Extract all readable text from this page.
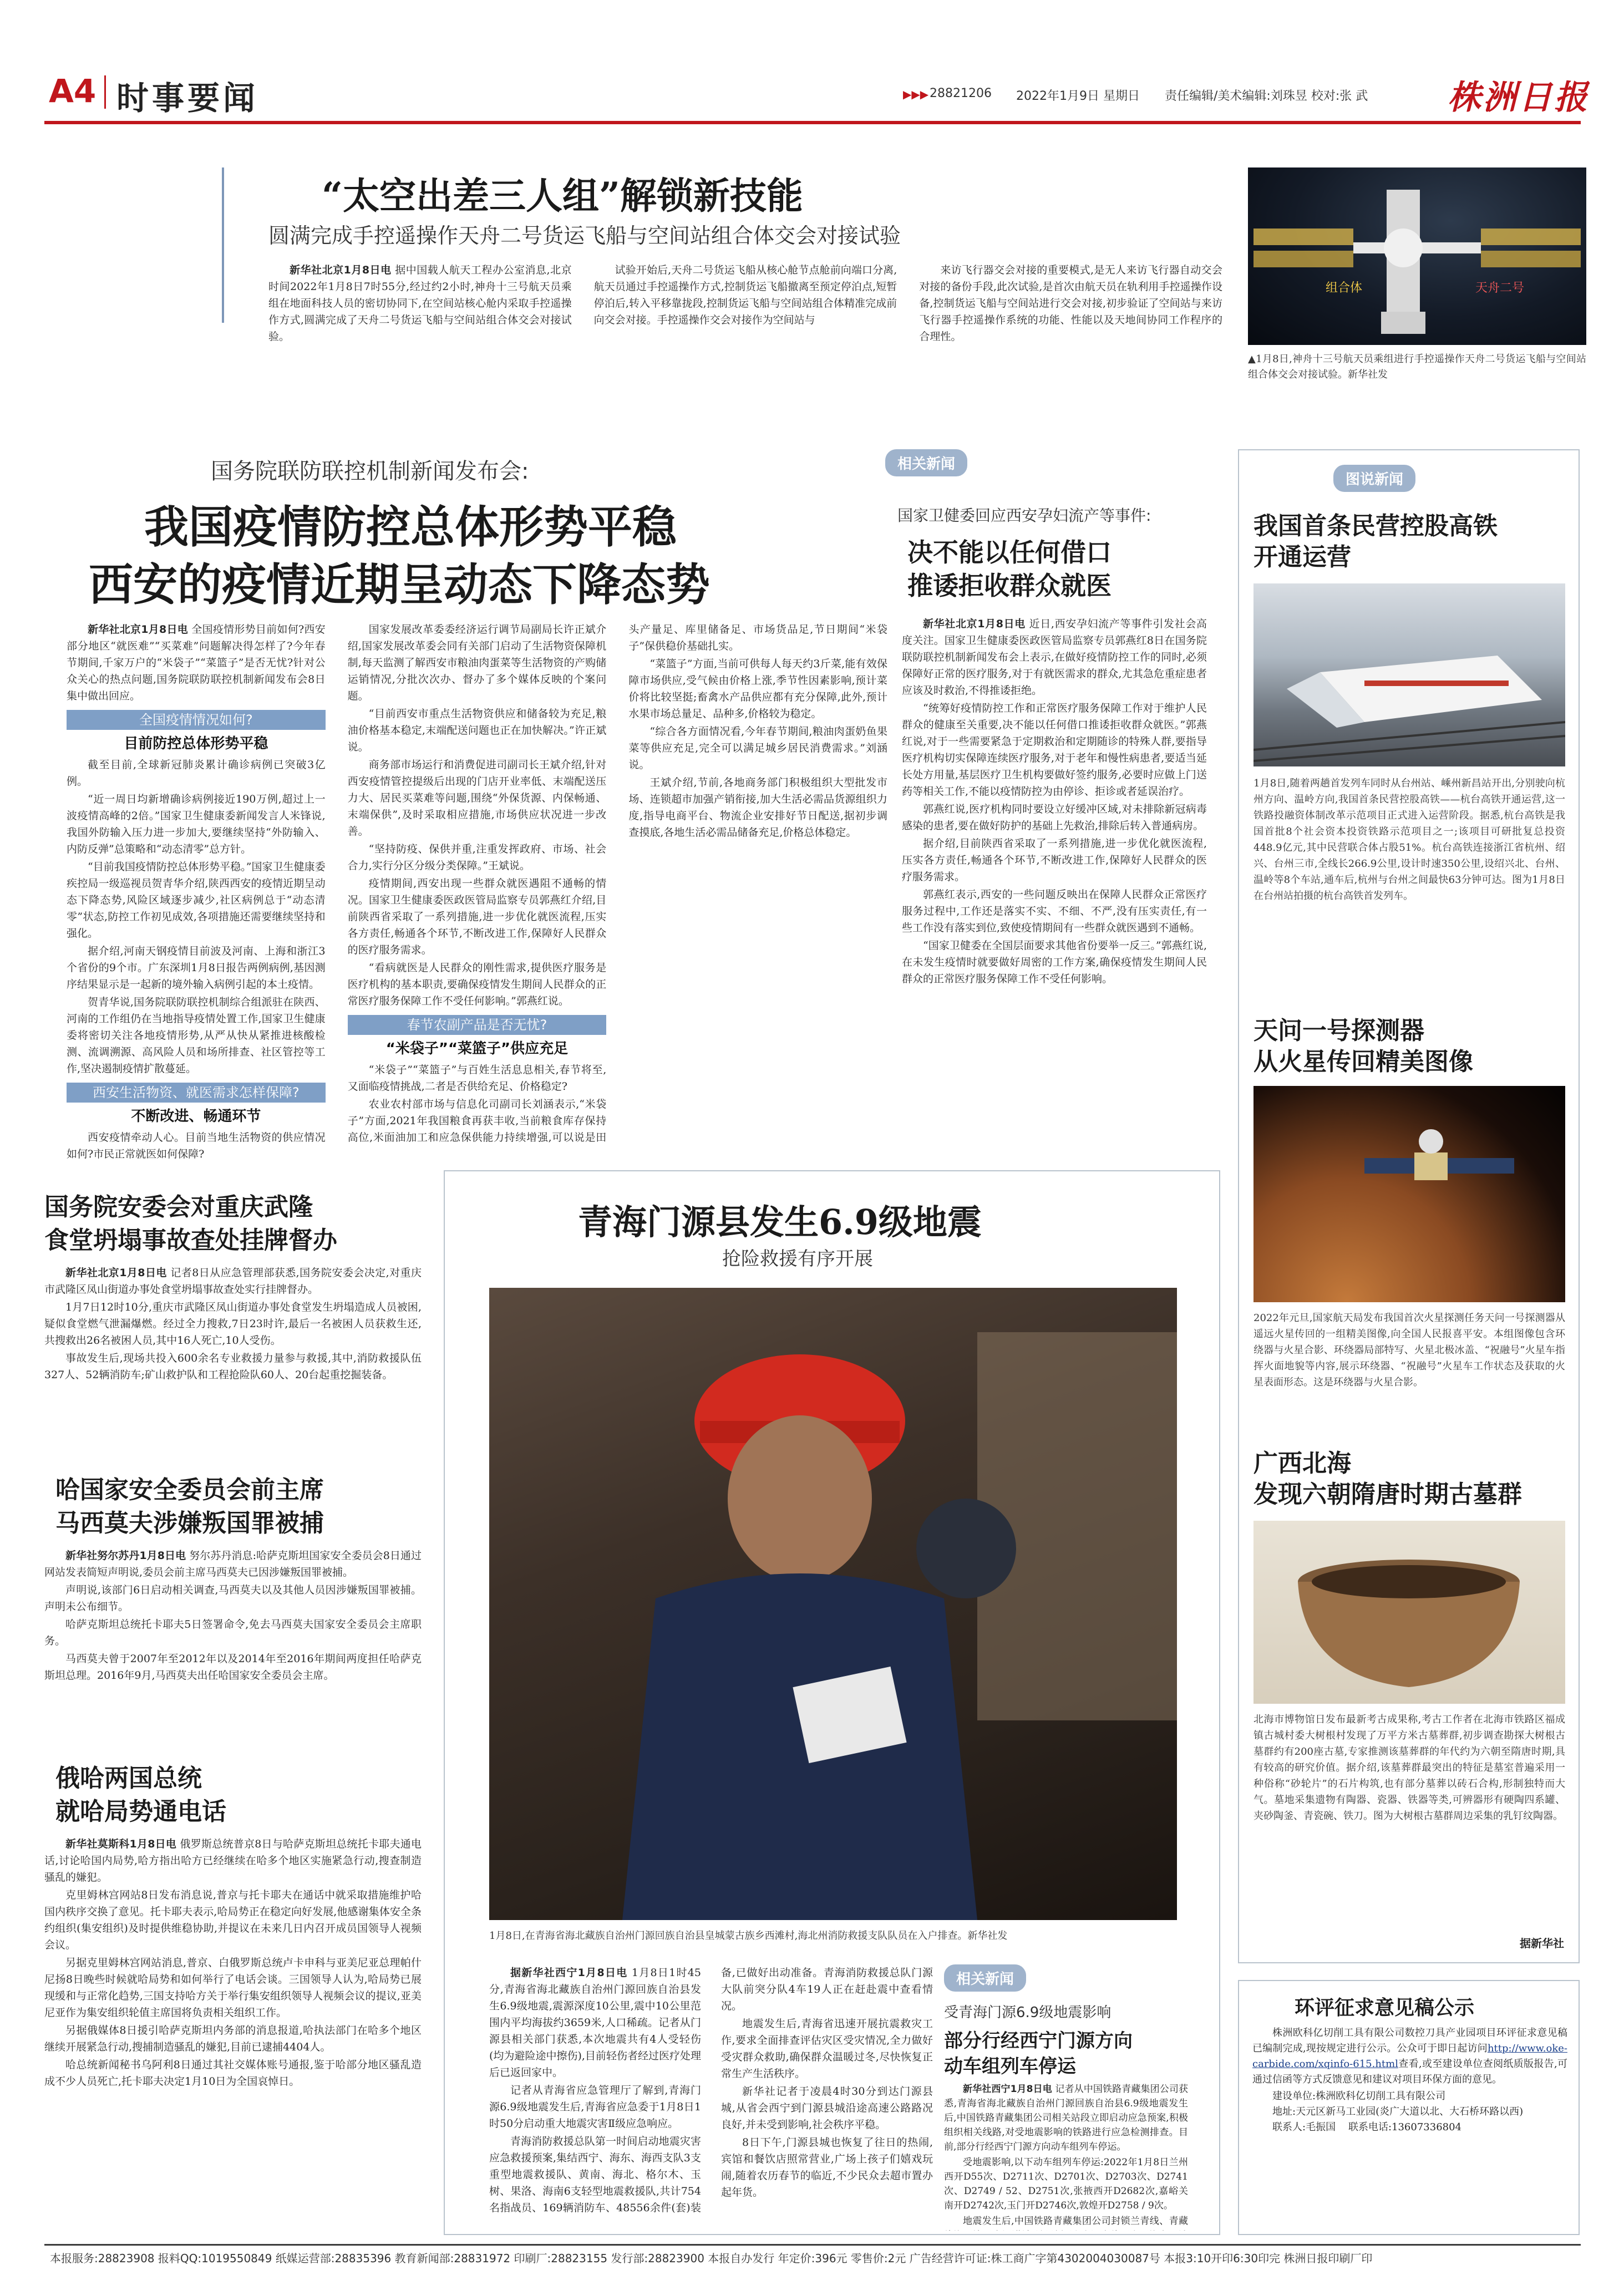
A4 时事要闻	▶▶▶ 28821206 2022年1月9日 星期日 责任编辑/美术编辑:刘珠昱 校对:张 武 株洲日报
“太空出差三人组”解锁新技能
圆满完成手控遥操作天舟二号货运飞船与空间站组合体交会对接试验

新华社北京1月8日电 据中国载人航天工程办公室消息,北京时间2022年1月8日7时55分,经过约2小时,神舟十三号航天员乘组在地面科技人员的密切协同下,在空间站核心舱内采取手控遥操作方式,圆满完成了天舟二号货运飞船与空间站组合体交会对接试验。

试验开始后,天舟二号货运飞船从核心舱节点舱前向端口分离,航天员通过手控遥操作方式,控制货运飞船撤离至预定停泊点,短暂停泊后,转入平移靠拢段,控制货运飞船与空间站组合体精准完成前向交会对接。手控遥操作交会对接作为空间站与

来访飞行器交会对接的重要模式,是无人来访飞行器自动交会对接的备份手段,此次试验,是首次由航天员在轨利用手控遥操作设备,控制货运飞船与空间站进行交会对接,初步验证了空间站与来访飞行器手控遥操作系统的功能、性能以及天地间协同工作程序的合理性。

组合体	天舟二号
▲1月8日,神舟十三号航天员乘组进行手控遥操作天舟二号货运飞船与空间站组合体交会对接试验。新华社发
国务院联防联控机制新闻发布会:
我国疫情防控总体形势平稳
西安的疫情近期呈动态下降态势

新华社北京1月8日电 全国疫情形势目前如何?西安部分地区“就医难”“买菜难”问题解决得怎样了?今年春节期间,千家万户的“米袋子”“菜篮子”是否无忧?针对公众关心的热点问题,国务院联防联控机制新闻发布会8日集中做出回应。

全国疫情情况如何?
目前防控总体形势平稳

截至目前,全球新冠肺炎累计确诊病例已突破3亿例。

“近一周日均新增确诊病例接近190万例,超过上一波疫情高峰的2倍。”国家卫生健康委新闻发言人米锋说,我国外防输入压力进一步加大,要继续坚持“外防输入、内防反弹”总策略和“动态清零”总方针。

“目前我国疫情防控总体形势平稳。”国家卫生健康委疾控局一级巡视员贺青华介绍,陕西西安的疫情近期呈动态下降态势,风险区域逐步减少,社区病例总于“动态清零”状态,防控工作初见成效,各项措施还需要继续坚持和强化。

据介绍,河南天钢疫情目前波及河南、上海和浙江3个省份的9个市。广东深圳1月8日报告两例病例,基因测序结果显示是一起新的境外输入病例引起的本土疫情。

贺青华说,国务院联防联控机制综合组派驻在陕西、河南的工作组仍在当地指导疫情处置工作,国家卫生健康委将密切关注各地疫情形势,从严从快从紧推进核酸检测、流调溯源、高风险人员和场所排查、社区管控等工作,坚决遏制疫情扩散蔓延。

西安生活物资、就医需求怎样保障?
不断改进、畅通环节

西安疫情牵动人心。目前当地生活物资的供应情况如何?市民正常就医如何保障?

国家发展改革委委经济运行调节局副局长许正斌介绍,国家发展改革委会同有关部门启动了生活物资保障机制,每天监测了解西安市粮油肉蛋菜等生活物资的产购储运销情况,分批次次办、督办了多个媒体反映的个案问题。

“目前西安市重点生活物资供应和储备较为充足,粮油价格基本稳定,末端配送问题也正在加快解决。”许正斌说。

商务部市场运行和消费促进司副司长王斌介绍,针对西安疫情管控提级后出现的门店开业率低、末端配送压力大、居民买菜难等问题,围绕“外保货源、内保畅通、末端保供”,及时采取相应措施,市场供应状况进一步改善。

“坚持防疫、保供并重,注重发挥政府、市场、社会合力,实行分区分级分类保障。”王斌说。

疫情期间,西安出现一些群众就医遇阻不通畅的情况。国家卫生健康委医政医管局监察专员郭燕红介绍,目前陕西省采取了一系列措施,进一步优化就医流程,压实各方责任,畅通各个环节,不断改进工作,保障好人民群众的医疗服务需求。

“看病就医是人民群众的刚性需求,提供医疗服务是医疗机构的基本职责,要确保疫情发生期间人民群众的正常医疗服务保障工作不受任何影响。”郭燕红说。

春节农副产品是否无忧?
“米袋子”“菜篮子”供应充足

“米袋子”“菜篮子”与百姓生活息息相关,春节将至,又面临疫情挑战,二者是否供给充足、价格稳定?

农业农村部市场与信息化司副司长刘涵表示,“米袋子”方面,2021年我国粮食再获丰收,当前粮食库存保持高位,米面油加工和应急保供能力持续增强,可以说是田头产量足、库里储备足、市场货品足,节日期间“米袋子”保供稳价基础扎实。

“菜篮子”方面,当前可供每人每天约3斤菜,能有效保障市场供应,受气候由价格上涨,季节性因素影响,预计菜价将比较坚挺;畜禽水产品供应都有充分保障,此外,预计水果市场总量足、品种多,价格较为稳定。

“综合各方面情况看,今年春节期间,粮油肉蛋奶鱼果菜等供应充足,完全可以满足城乡居民消费需求。”刘涵说。

王斌介绍,节前,各地商务部门积极组织大型批发市场、连锁超市加强产销衔接,加大生活必需品货源组织力度,指导电商平台、物流企业安排好节日配送,据初步调查摸底,各地生活必需品储备充足,价格总体稳定。

相关新闻
国家卫健委回应西安孕妇流产等事件:
决不能以任何借口
推诿拒收群众就医

新华社北京1月8日电 近日,西安孕妇流产等事件引发社会高度关注。国家卫生健康委医政医管局监察专员郭燕红8日在国务院联防联控机制新闻发布会上表示,在做好疫情防控工作的同时,必须保障好正常的医疗服务,对于有就医需求的群众,尤其急危重症患者应该及时救治,不得推诿拒绝。

“统筹好疫情防控工作和正常医疗服务保障工作对于维护人民群众的健康至关重要,决不能以任何借口推诿拒收群众就医。”郭燕红说,对于一些需要紧急于定期救治和定期随诊的特殊人群,要指导医疗机构切实保障连续医疗服务,对于老年和慢性病患者,要适当延长处方用量,基层医疗卫生机构要做好签约服务,必要时应做上门送药等相关工作,不能以疫情防控为由停诊、拒诊或者延误治疗。

郭燕红说,医疗机构同时要设立好缓冲区域,对未排除新冠病毒感染的患者,要在做好防护的基础上先救治,排除后转入普通病房。

据介绍,目前陕西省采取了一系列措施,进一步优化就医流程,压实各方责任,畅通各个环节,不断改进工作,保障好人民群众的医疗服务需求。

郭燕红表示,西安的一些问题反映出在保障人民群众正常医疗服务过程中,工作还是落实不实、不细、不严,没有压实责任,有一些工作没有落实到位,致使疫情期间有一些群众就医遇到不通畅。

“国家卫健委在全国层面要求其他省份要举一反三。”郭燕红说,在未发生疫情时就要做好周密的工作方案,确保疫情发生期间人民群众的正常医疗服务保障工作不受任何影响。

图说新闻
我国首条民营控股高铁
开通运营
1月8日,随着两趟首发列车同时从台州站、嵊州新昌站开出,分别驶向杭州方向、温岭方向,我国首条民营控股高铁——杭台高铁开通运营,这一铁路投融资体制改革示范项目正式进入运营阶段。据悉,杭台高铁是我国首批8个社会资本投资铁路示范项目之一;该项目可研批复总投资448.9亿元,其中民营联合体占股51%。杭台高铁连接浙江省杭州、绍兴、台州三市,全线长266.9公里,设计时速350公里,设绍兴北、台州、温岭等8个车站,通车后,杭州与台州之间最快63分钟可达。图为1月8日在台州站拍摄的杭台高铁首发列车。
天问一号探测器
从火星传回精美图像
2022年元旦,国家航天局发布我国首次火星探测任务天问一号探测器从遥远火星传回的一组精美图像,向全国人民报喜平安。本组图像包含环绕器与火星合影、环绕器局部特写、火星北极冰盖、“祝融号”火星车指挥火面地貌等内容,展示环绕器、“祝融号”火星车工作状态及获取的火星表面形态。这是环绕器与火星合影。
广西北海
发现六朝隋唐时期古墓群
北海市博物馆日发布最新考古成果称,考古工作者在北海市铁路区福成镇古城村委大树根村发现了万平方米古墓葬群,初步调查勘探大树根古墓群约有200座古墓,专家推测该墓葬群的年代约为六朝至隋唐时期,具有较高的研究价值。据介绍,该墓葬群最突出的特征是墓室普遍采用一种俗称“砂轮片”的石片构筑,也有部分墓葬以砖石合构,形制独特而大气。墓地采集遗物有陶器、瓷器、铁器等类,可辨器形有硬陶四系罐、夹砂陶釜、青瓷碗、铁刀。图为大树根古墓群周边采集的乳钉纹陶器。
据新华社
国务院安委会对重庆武隆
食堂坍塌事故查处挂牌督办

新华社北京1月8日电 记者8日从应急管理部获悉,国务院安委会决定,对重庆市武隆区凤山街道办事处食堂坍塌事故查处实行挂牌督办。

1月7日12时10分,重庆市武隆区凤山街道办事处食堂发生坍塌造成人员被困,疑似食堂燃气泄漏爆燃。经过全力搜救,7日23时许,最后一名被困人员获救生还,共搜救出26名被困人员,其中16人死亡,10人受伤。

事故发生后,现场共投入600余名专业救援力量参与救援,其中,消防救援队伍327人、52辆消防车;矿山救护队和工程抢险队60人、20台起重挖掘装备。

哈国家安全委员会前主席
马西莫夫涉嫌叛国罪被捕

新华社努尔苏丹1月8日电 努尔苏丹消息:哈萨克斯坦国家安全委员会8日通过网站发表简短声明说,委员会前主席马西莫夫已因涉嫌叛国罪被捕。

声明说,该部门6日启动相关调查,马西莫夫以及其他人员因涉嫌叛国罪被捕。声明未公布细节。

哈萨克斯坦总统托卡耶夫5日签署命令,免去马西莫夫国家安全委员会主席职务。

马西莫夫曾于2007年至2012年以及2014年至2016年期间两度担任哈萨克斯坦总理。2016年9月,马西莫夫出任哈国家安全委员会主席。

俄哈两国总统
就哈局势通电话

新华社莫斯科1月8日电 俄罗斯总统普京8日与哈萨克斯坦总统托卡耶夫通电话,讨论哈国内局势,哈方指出哈方已经继续在哈多个地区实施紧急行动,搜查制造骚乱的嫌犯。

克里姆林宫网站8日发布消息说,普京与托卡耶夫在通话中就采取措施维护哈国内秩序交换了意见。托卡耶夫表示,哈局势正在稳定向好发展,他感谢集体安全条约组织(集安组织)及时提供维稳协助,并提议在未来几日内召开成员国领导人视频会议。

另据克里姆林宫网站消息,普京、白俄罗斯总统卢卡申科与亚美尼亚总理帕什尼扬8日晚些时候就哈局势和如何举行了电话会谈。三国领导人认为,哈局势已展现缓和与正常化趋势,三国支持哈方关于举行集安组织领导人视频会议的提议,亚美尼亚作为集安组织轮值主席国将负责相关组织工作。

另据俄媒体8日援引哈萨克斯坦内务部的消息报道,哈执法部门在哈多个地区继续开展紧急行动,搜捕制造骚乱的嫌犯,目前已逮捕4404人。

哈总统新闻秘书乌阿利8日通过其社交媒体账号通报,鉴于哈部分地区骚乱造成不少人员死亡,托卡耶夫决定1月10日为全国哀悼日。

青海门源县发生6.9级地震
抢险救援有序开展
1月8日,在青海省海北藏族自治州门源回族自治县皇城蒙古族乡西滩村,海北州消防救援支队队员在入户排查。新华社发

据新华社西宁1月8日电 1月8日1时45分,青海省海北藏族自治州门源回族自治县发生6.9级地震,震源深度10公里,震中10公里范围内平均海拔约3659米,人口稀疏。记者从门源县相关部门获悉,本次地震共有4人受轻伤(均为避险途中擦伤),目前轻伤者经过医疗处理后已返回家中。

记者从青海省应急管理厅了解到,青海门源6.9级地震发生后,青海省应急委于1月8日1时50分启动重大地震灾害Ⅱ级应急响应。

青海消防救援总队第一时间启动地震灾害应急救援预案,集结西宁、海东、海西支队3支重型地震救援队、黄南、海北、格尔木、玉树、果洛、海南6支轻型地震救援队,共计754名指战员、169辆消防车、48556余件(套)装备,已做好出动准备。青海消防救援总队门源大队前突分队4车19人正在赶赴震中查看情况。

地震发生后,青海省迅速开展抗震救灾工作,要求全面排查评估灾区受灾情况,全力做好受灾群众救助,确保群众温暖过冬,尽快恢复正常生产生活秩序。

新华社记者于凌晨4时30分到达门源县城,从省会西宁到门源县城沿途高速公路路况良好,并未受到影响,社会秩序平稳。

8日下午,门源县城也恢复了往日的热闹,宾馆和餐饮店照常营业,广场上孩子们嬉戏玩闹,随着农历春节的临近,不少民众去超市置办起年货。

相关新闻
受青海门源6.9级地震影响
部分行经西宁门源方向
动车组列车停运

新华社西宁1月8日电 记者从中国铁路青藏集团公司获悉,青海省海北藏族自治州门源回族自治县6.9级地震发生后,中国铁路青藏集团公司相关站段立即启动应急预案,积极组织相关线路,对受地震影响的铁路进行应急检测排查。目前,部分行经西宁门源方向动车组列车停运。

受地震影响,以下动车组列车停运:2022年1月8日兰州西开D55次、D2711次、D2701次、D2703次、D2741次、D2749 / 52、D2751次,张掖西开D2682次,嘉峪关南开D2742次,玉门开D2746次,敦煌开D2758 / 9次。

地震发生后,中国铁路青藏集团公司封锁兰青线、青藏

环评征求意见稿公示

株洲欧科亿切削工具有限公司数控刀具产业园项目环评征求意见稿已编制完成,现按规定进行公示。公众可于即日起访问http://www.oke-carbide.com/xqinfo-615.html查看,或至建设单位查阅纸质版报告,可通过信函等方式反馈意见和建议对项目环保方面的意见。

建设单位:株洲欧科亿切削工具有限公司
地址:天元区新马工业园(炎广大道以北、大石桥环路以西)
联系人:毛振国 联系电话:13607336804
本报服务:28823908 报料QQ:1019550849 纸媒运营部:28835396 教育新闻部:28831972 印刷厂:28823155 发行部:28823900 本报自办发行 年定价:396元 零售价:2元 广告经营许可证:株工商广字第4302004030087号 本报3:10开印6:30印完 株洲日报印刷厂印
